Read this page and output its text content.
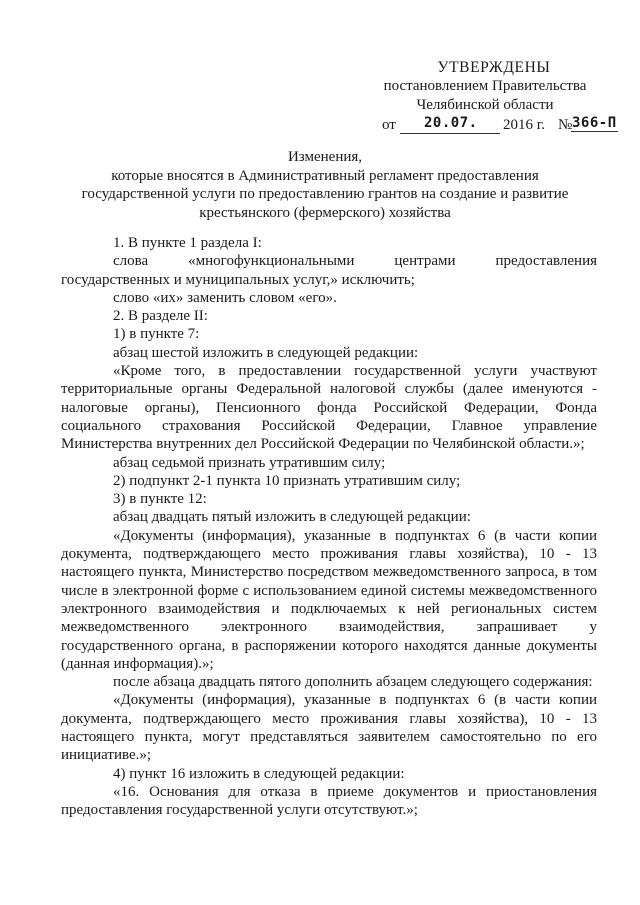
УТВЕРЖДЕНЫ
постановлением Правительства
Челябинской области
от 20.07. 2016 г. № 366-П
Изменения,
которые вносятся в Административный регламент предоставления
государственной услуги по предоставлению грантов на создание и развитие
крестьянского (фермерского) хозяйства

1. В пункте 1 раздела I:

слова «многофункциональными центрами предоставления государственных и муниципальных услуг,» исключить;

слово «их» заменить словом «его».

2. В разделе II:

1) в пункте 7:

абзац шестой изложить в следующей редакции:

«Кроме того, в предоставлении государственной услуги участвуют территориальные органы Федеральной налоговой службы (далее именуются - налоговые органы), Пенсионного фонда Российской Федерации, Фонда социального страхования Российской Федерации, Главное управление Министерства внутренних дел Российской Федерации по Челябинской области.»;

абзац седьмой признать утратившим силу;

2) подпункт 2-1 пункта 10 признать утратившим силу;

3) в пункте 12:

абзац двадцать пятый изложить в следующей редакции:

«Документы (информация), указанные в подпунктах 6 (в части копии документа, подтверждающего место проживания главы хозяйства), 10 - 13 настоящего пункта, Министерство посредством межведомственного запроса, в том числе в электронной форме с использованием единой системы межведомственного электронного взаимодействия и подключаемых к ней региональных систем межведомственного электронного взаимодействия, запрашивает у государственного органа, в распоряжении которого находятся данные документы (данная информация).»;

после абзаца двадцать пятого дополнить абзацем следующего содержания:

«Документы (информация), указанные в подпунктах 6 (в части копии документа, подтверждающего место проживания главы хозяйства), 10 - 13 настоящего пункта, могут представляться заявителем самостоятельно по его инициативе.»;

4) пункт 16 изложить в следующей редакции:

«16. Основания для отказа в приеме документов и приостановления предоставления государственной услуги отсутствуют.»;
